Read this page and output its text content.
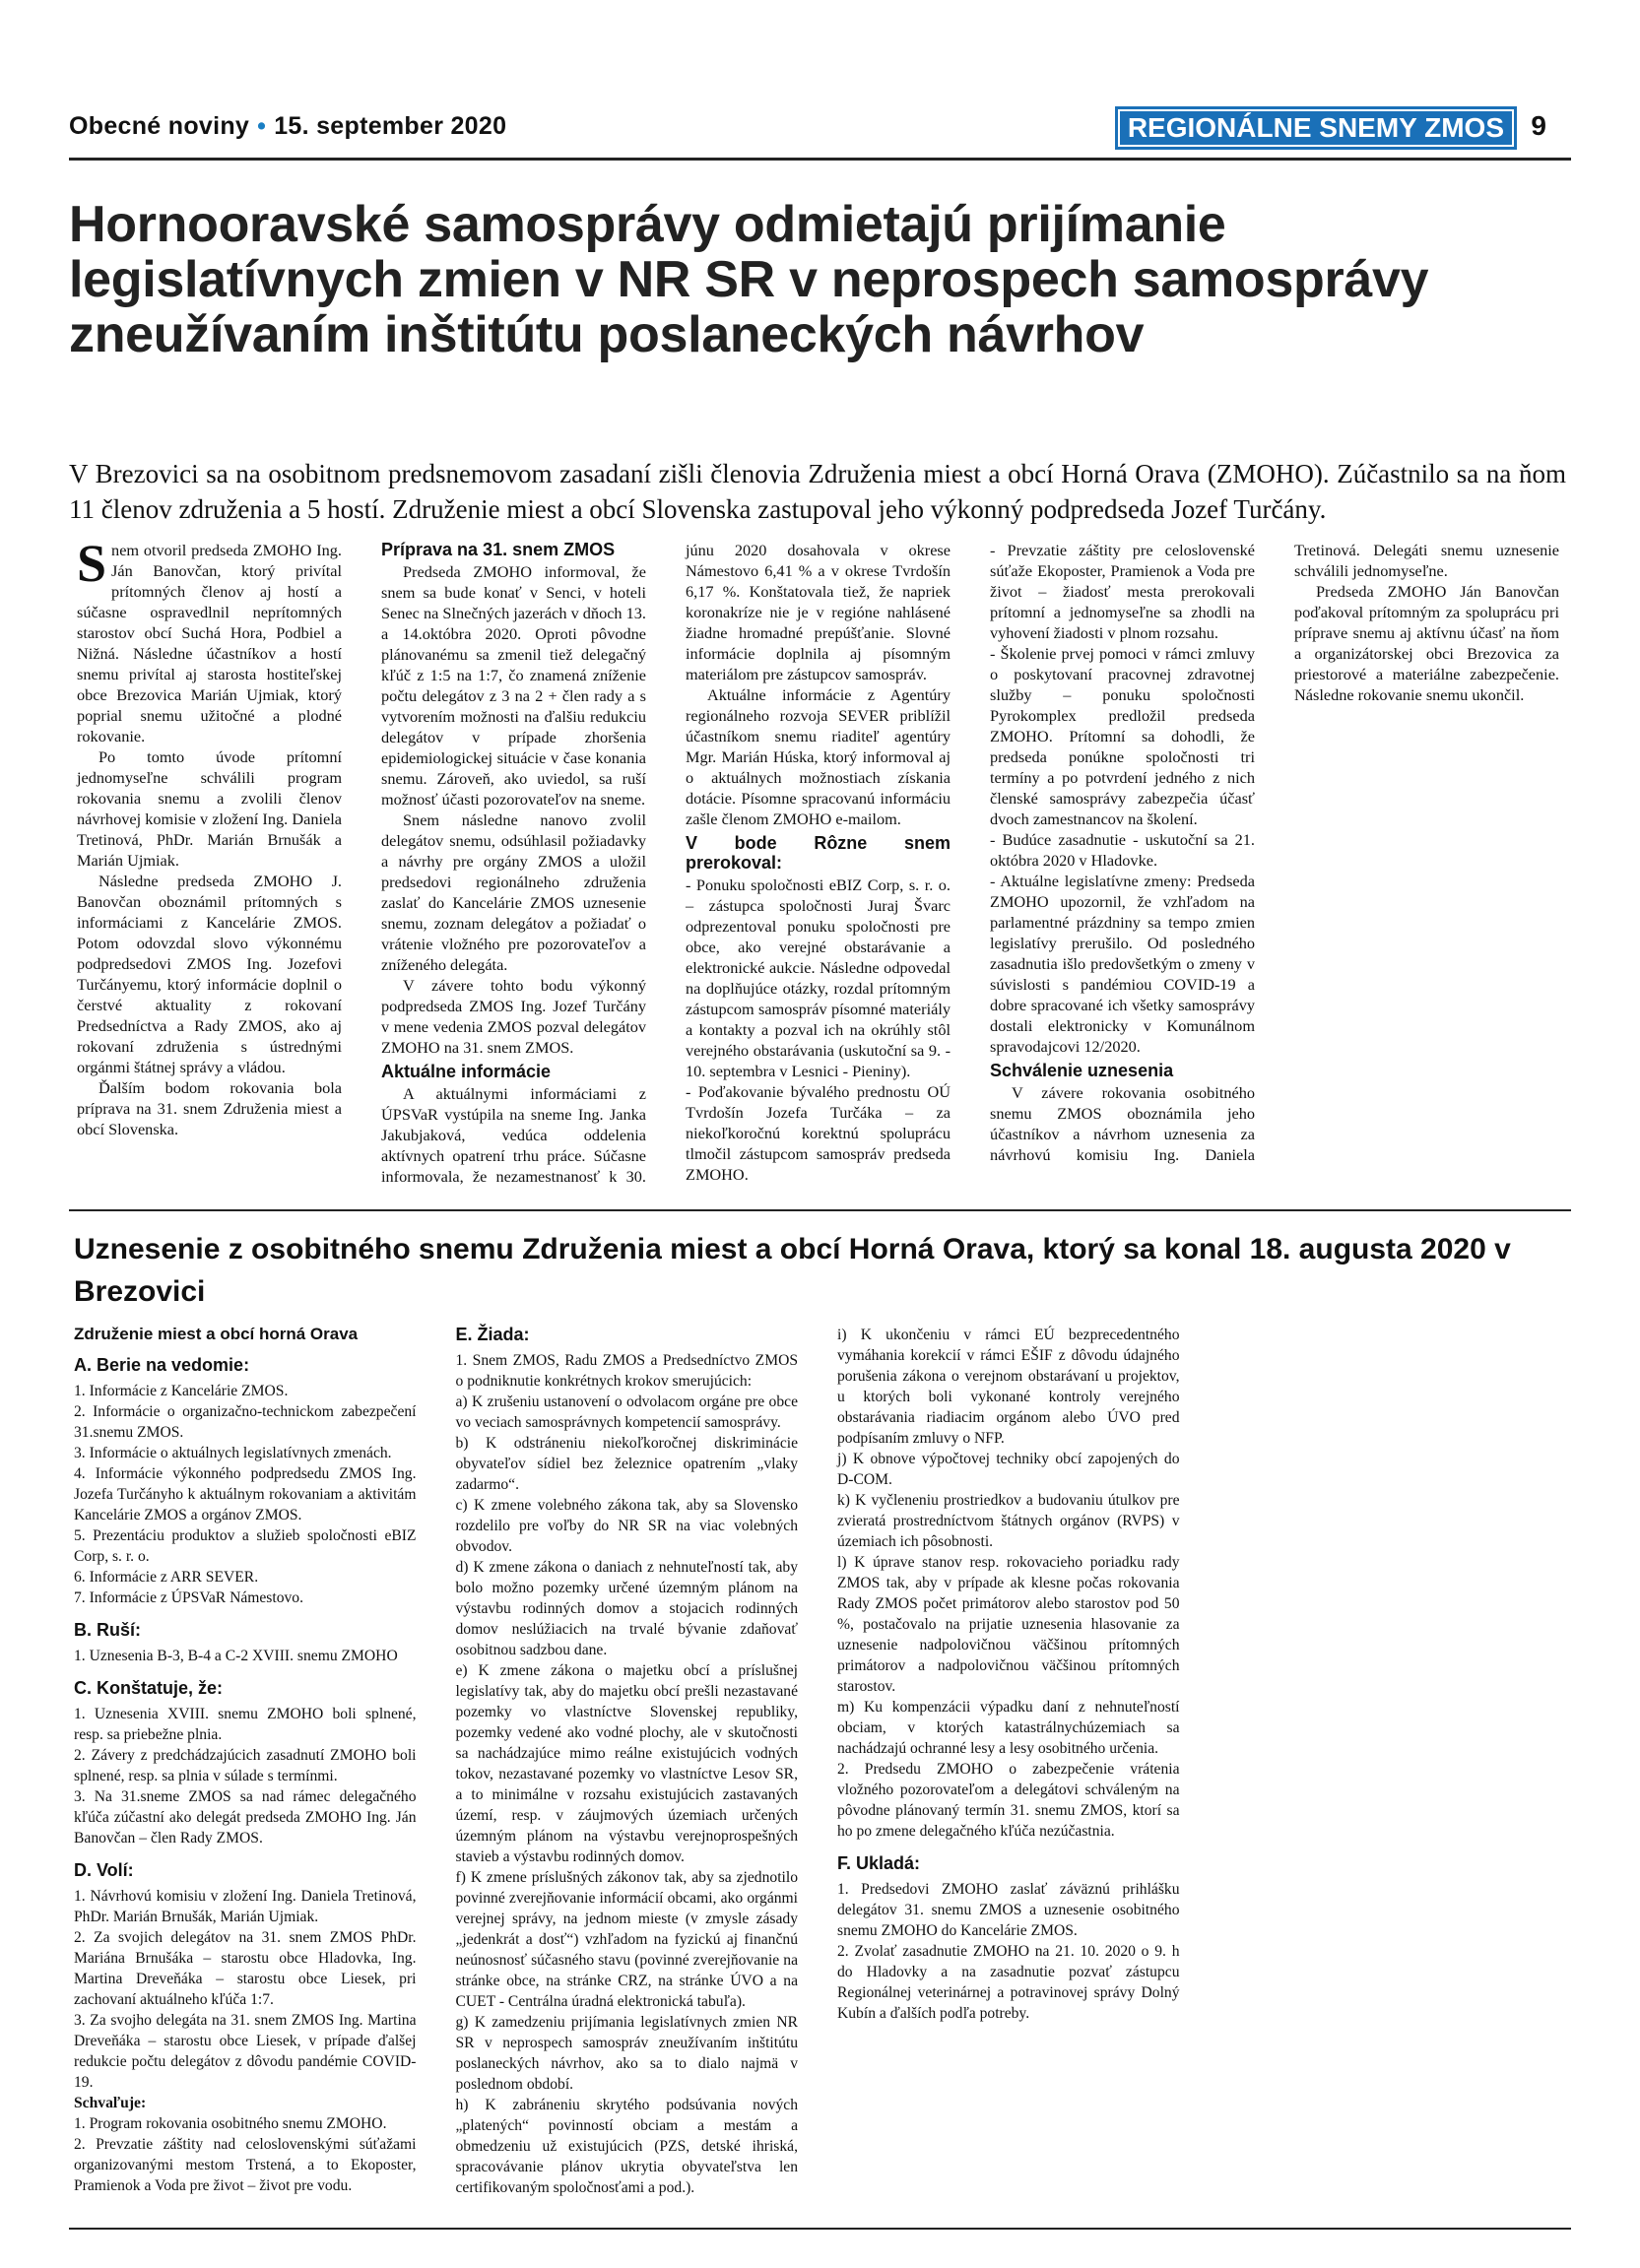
Obecné noviny • 15. september 2020	REGIONÁLNE SNEMY ZMOS 9
Hornooravské samosprávy odmietajú prijímanie legislatívnych zmien v NR SR v neprospech samosprávy zneužívaním inštitútu poslaneckých návrhov

V Brezovici sa na osobitnom predsnemovom zasadaní zišli členovia Združenia miest a obcí Horná Orava (ZMOHO). Zúčastnilo sa na ňom 11 členov združenia a 5 hostí. Združenie miest a obcí Slovenska zastupoval jeho výkonný podpredseda Jozef Turčány.

Snem otvoril predseda ZMOHO Ing. Ján Banovčan, ktorý privítal prítomných členov aj hostí a súčasne ospravedlnil neprítomných starostov obcí Suchá Hora, Podbiel a Nižná. Následne účastníkov a hostí snemu privítal aj starosta hostiteľskej obce Brezovica Marián Ujmiak, ktorý poprial snemu užitočné a plodné rokovanie.

Po tomto úvode prítomní jednomyseľne schválili program rokovania snemu a zvolili členov návrhovej komisie v zložení Ing. Daniela Tretinová, PhDr. Marián Brnušák a Marián Ujmiak.

Následne predseda ZMOHO J. Banovčan oboznámil prítomných s informáciami z Kancelárie ZMOS. Potom odovzdal slovo výkonnému podpredsedovi ZMOS Ing. Jozefovi Turčányemu, ktorý informácie doplnil o čerstvé aktuality z rokovaní Predsedníctva a Rady ZMOS, ako aj rokovaní združenia s ústrednými orgánmi štátnej správy a vládou.

Ďalším bodom rokovania bola príprava na 31. snem Združenia miest a obcí Slovenska.

Príprava na 31. snem ZMOS

Predseda ZMOHO informoval, že snem sa bude konať v Senci, v hoteli Senec na Slnečných jazerách v dňoch 13. a 14.októbra 2020. Oproti pôvodne plánovanému sa zmenil tiež delegačný kľúč z 1:5 na 1:7, čo znamená zníženie počtu delegátov z 3 na 2 + člen rady a s vytvorením možnosti na ďalšiu redukciu delegátov v prípade zhoršenia epidemiologickej situácie v čase konania snemu. Zároveň, ako uviedol, sa ruší možnosť účasti pozorovateľov na sneme.

Snem následne nanovo zvolil delegátov snemu, odsúhlasil požiadavky a návrhy pre orgány ZMOS a uložil predsedovi regionálneho združenia zaslať do Kancelárie ZMOS uznesenie snemu, zoznam delegátov a požiadať o vrátenie vložného pre pozorovateľov a zníženého delegáta.

V závere tohto bodu výkonný podpredseda ZMOS Ing. Jozef Turčány v mene vedenia ZMOS pozval delegátov ZMOHO na 31. snem ZMOS.

Aktuálne informácie

A aktuálnymi informáciami z ÚPSVaR vystúpila na sneme Ing. Janka Jakubjaková, vedúca oddelenia aktívnych opatrení trhu práce. Súčasne informovala, že nezamestnanosť k 30. júnu 2020 dosahovala v okrese Námestovo 6,41 % a v okrese Tvrdošín 6,17 %. Konštatovala tiež, že napriek koronakríze nie je v regióne nahlásené žiadne hromadné prepúšťanie. Slovné informácie doplnila aj písomným materiálom pre zástupcov samospráv.

Aktuálne informácie z Agentúry regionálneho rozvoja SEVER priblížil účastníkom snemu riaditeľ agentúry Mgr. Marián Húska, ktorý informoval aj o aktuálnych možnostiach získania dotácie. Písomne spracovanú informáciu zašle členom ZMOHO e-mailom.

V bode Rôzne snem prerokoval:

- Ponuku spoločnosti eBIZ Corp, s. r. o. – zástupca spoločnosti Juraj Švarc odprezentoval ponuku spoločnosti pre obce, ako verejné obstarávanie a elektronické aukcie. Následne odpovedal na doplňujúce otázky, rozdal prítomným zástupcom samospráv písomné materiály a kontakty a pozval ich na okrúhly stôl verejného obstarávania (uskutoční sa 9. - 10. septembra v Lesnici - Pieniny).

- Poďakovanie bývalého prednostu OÚ Tvrdošín Jozefa Turčáka – za niekoľkoročnú korektnú spoluprácu tlmočil zástupcom samospráv predseda ZMOHO.

- Prevzatie záštity pre celoslovenské súťaže Ekoposter, Pramienok a Voda pre život – žiadosť mesta prerokovali prítomní a jednomyseľne sa zhodli na vyhovení žiadosti v plnom rozsahu.

- Školenie prvej pomoci v rámci zmluvy o poskytovaní pracovnej zdravotnej služby – ponuku spoločnosti Pyrokomplex predložil predseda ZMOHO. Prítomní sa dohodli, že predseda ponúkne spoločnosti tri termíny a po potvrdení jedného z nich členské samosprávy zabezpečia účasť dvoch zamestnancov na školení.

- Budúce zasadnutie - uskutoční sa 21. októbra 2020 v Hladovke.

- Aktuálne legislatívne zmeny: Predseda ZMOHO upozornil, že vzhľadom na parlamentné prázdniny sa tempo zmien legislatívy prerušilo. Od posledného zasadnutia išlo predovšetkým o zmeny v súvislosti s pandémiou COVID-19 a dobre spracované ich všetky samosprávy dostali elektronicky v Komunálnom spravodajcovi 12/2020.

Schválenie uznesenia

V závere rokovania osobitného snemu ZMOS oboznámila jeho účastníkov a návrhom uznesenia za návrhovú komisiu Ing. Daniela Tretinová. Delegáti snemu uznesenie schválili jednomyseľne.

Predseda ZMOHO Ján Banovčan poďakoval prítomným za spoluprácu pri príprave snemu aj aktívnu účasť na ňom a organizátorskej obci Brezovica za priestorové a materiálne zabezpečenie. Následne rokovanie snemu ukončil.

Uznesenie z osobitného snemu Združenia miest a obcí Horná Orava, ktorý sa konal 18. augusta 2020 v Brezovici
Združenie miest a obcí horná Orava
A. Berie na vedomie:

1. Informácie z Kancelárie ZMOS.

2. Informácie o organizačno-technickom zabezpečení 31.snemu ZMOS.

3. Informácie o aktuálnych legislatívnych zmenách.

4. Informácie výkonného podpredsedu ZMOS Ing. Jozefa Turčányho k aktuálnym rokovaniam a aktivitám Kancelárie ZMOS a orgánov ZMOS.

5. Prezentáciu produktov a služieb spoločnosti eBIZ Corp, s. r. o.

6. Informácie z ARR SEVER.

7. Informácie z ÚPSVaR Námestovo.

B. Ruší:

1. Uznesenia B-3, B-4 a C-2 XVIII. snemu ZMOHO

C. Konštatuje, že:

1. Uznesenia XVIII. snemu ZMOHO boli splnené, resp. sa priebežne plnia.

2. Závery z predchádzajúcich zasadnutí ZMOHO boli splnené, resp. sa plnia v súlade s termínmi.

3. Na 31.sneme ZMOS sa nad rámec delegačného kľúča zúčastní ako delegát predseda ZMOHO Ing. Ján Banovčan – člen Rady ZMOS.

D. Volí:

1. Návrhovú komisiu v zložení Ing. Daniela Tretinová, PhDr. Marián Brnušák, Marián Ujmiak.

2. Za svojich delegátov na 31. snem ZMOS PhDr. Mariána Brnušáka – starostu obce Hladovka, Ing. Martina Dreveňáka – starostu obce Liesek, pri zachovaní aktuálneho kľúča 1:7.

3. Za svojho delegáta na 31. snem ZMOS Ing. Martina Dreveňáka – starostu obce Liesek, v prípade ďalšej redukcie počtu delegátov z dôvodu pandémie COVID-19.

Schvaľuje:

1. Program rokovania osobitného snemu ZMOHO.

2. Prevzatie záštity nad celoslovenskými súťažami organizovanými mestom Trstená, a to Ekoposter, Pramienok a Voda pre život – život pre vodu.

E. Žiada:

1. Snem ZMOS, Radu ZMOS a Predsedníctvo ZMOS o podniknutie konkrétnych krokov smerujúcich:

a) K zrušeniu ustanovení o odvolacom orgáne pre obce vo veciach samosprávnych kompetencií samosprávy.

b) K odstráneniu niekoľkoročnej diskriminácie obyvateľov sídiel bez železnice opatrením „vlaky zadarmo“.

c) K zmene volebného zákona tak, aby sa Slovensko rozdelilo pre voľby do NR SR na viac volebných obvodov.

d) K zmene zákona o daniach z nehnuteľností tak, aby bolo možno pozemky určené územným plánom na výstavbu rodinných domov a stojacich rodinných domov neslúžiacich na trvalé bývanie zdaňovať osobitnou sadzbou dane.

e) K zmene zákona o majetku obcí a príslušnej legislatívy tak, aby do majetku obcí prešli nezastavané pozemky vo vlastníctve Slovenskej republiky, pozemky vedené ako vodné plochy, ale v skutočnosti sa nachádzajúce mimo reálne existujúcich vodných tokov, nezastavané pozemky vo vlastníctve Lesov SR, a to minimálne v rozsahu existujúcich zastavaných území, resp. v záujmových územiach určených územným plánom na výstavbu verejnoprospešných stavieb a výstavbu rodinných domov.

f) K zmene príslušných zákonov tak, aby sa zjednotilo povinné zverejňovanie informácií obcami, ako orgánmi verejnej správy, na jednom mieste (v zmysle zásady „jedenkrát a dosť“) vzhľadom na fyzickú aj finančnú neúnosnosť súčasného stavu (povinné zverejňovanie na stránke obce, na stránke CRZ, na stránke ÚVO a na CUET - Centrálna úradná elektronická tabuľa).

g) K zamedzeniu prijímania legislatívnych zmien NR SR v neprospech samospráv zneužívaním inštitútu poslaneckých návrhov, ako sa to dialo najmä v poslednom období.

h) K zabráneniu skrytého podsúvania nových „platených“ povinností obciam a mestám a obmedzeniu už existujúcich (PZS, detské ihriská, spracovávanie plánov ukrytia obyvateľstva len certifikovaným spoločnosťami a pod.).

i) K ukončeniu v rámci EÚ bezprecedentného vymáhania korekcií v rámci EŠIF z dôvodu údajného porušenia zákona o verejnom obstarávaní u projektov, u ktorých boli vykonané kontroly verejného obstarávania riadiacim orgánom alebo ÚVO pred podpísaním zmluvy o NFP.

j) K obnove výpočtovej techniky obcí zapojených do D-COM.

k) K vyčleneniu prostriedkov a budovaniu útulkov pre zvieratá prostredníctvom štátnych orgánov (RVPS) v územiach ich pôsobnosti.

l) K úprave stanov resp. rokovacieho poriadku rady ZMOS tak, aby v prípade ak klesne počas rokovania Rady ZMOS počet primátorov alebo starostov pod 50 %, postačovalo na prijatie uznesenia hlasovanie za uznesenie nadpolovičnou väčšinou prítomných primátorov a nadpolovičnou väčšinou prítomných starostov.

m) Ku kompenzácii výpadku daní z nehnuteľností obciam, v ktorých katastrálnychúzemiach sa nachádzajú ochranné lesy a lesy osobitného určenia.

2. Predsedu ZMOHO o zabezpečenie vrátenia vložného pozorovateľom a delegátovi schváleným na pôvodne plánovaný termín 31. snemu ZMOS, ktorí sa ho po zmene delegačného kľúča nezúčastnia.

F. Ukladá:

1. Predsedovi ZMOHO zaslať záväznú prihlášku delegátov 31. snemu ZMOS a uznesenie osobitného snemu ZMOHO do Kancelárie ZMOS.

2. Zvolať zasadnutie ZMOHO na 21. 10. 2020 o 9. h do Hladovky a na zasadnutie pozvať zástupcu Regionálnej veterinárnej a potravinovej správy Dolný Kubín a ďalších podľa potreby.
